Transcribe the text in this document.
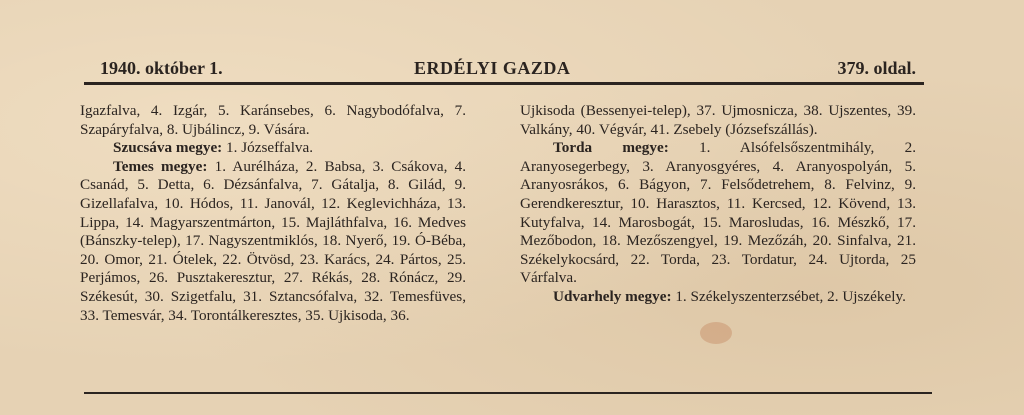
1940. október 1.	ERDÉLYI GAZDA	379. oldal.

Igazfalva, 4. Izgár, 5. Karánsebes, 6. Nagybodófalva, 7. Szapáryfalva, 8. Ujbálincz, 9. Vására.

Szucsáva megye: 1. Józseffalva.

Temes megye: 1. Aurélháza, 2. Babsa, 3. Csákova, 4. Csanád, 5. Detta, 6. Dézsánfalva, 7. Gátalja, 8. Gilád, 9. Gizellafalva, 10. Hódos, 11. Janovál, 12. Keglevichháza, 13. Lippa, 14. Magyarszentmárton, 15. Majláthfalva, 16. Medves (Bánszky-telep), 17. Nagyszentmiklós, 18. Nyerő, 19. Ó-Béba, 20. Omor, 21. Ótelek, 22. Ötvösd, 23. Karács, 24. Pártos, 25. Perjámos, 26. Pusztakeresztur, 27. Rékás, 28. Rónácz, 29. Székesút, 30. Szigetfalu, 31. Sztancsófalva, 32. Temesfüves, 33. Temesvár, 34. Torontálkeresztes, 35. Ujkisoda, 36.

Ujkisoda (Bessenyei-telep), 37. Ujmosnicza, 38. Ujszentes, 39. Valkány, 40. Végvár, 41. Zsebely (Józsefszállás).

Torda megye: 1. Alsófelsőszentmihály, 2. Aranyosegerbegy, 3. Aranyosgyéres, 4. Aranyospolyán, 5. Aranyosrákos, 6. Bágyon, 7. Felsődetrehem, 8. Felvinz, 9. Gerendkeresztur, 10. Harasztos, 11. Kercsed, 12. Kövend, 13. Kutyfalva, 14. Marosbogát, 15. Marosludas, 16. Mészkő, 17. Mezőbodon, 18. Mezőszengyel, 19. Mezőzáh, 20. Sinfalva, 21. Székelykocsárd, 22. Torda, 23. Tordatur, 24. Ujtorda, 25 Várfalva.

Udvarhely megye: 1. Székelyszenterzsébet, 2. Ujszékely.
